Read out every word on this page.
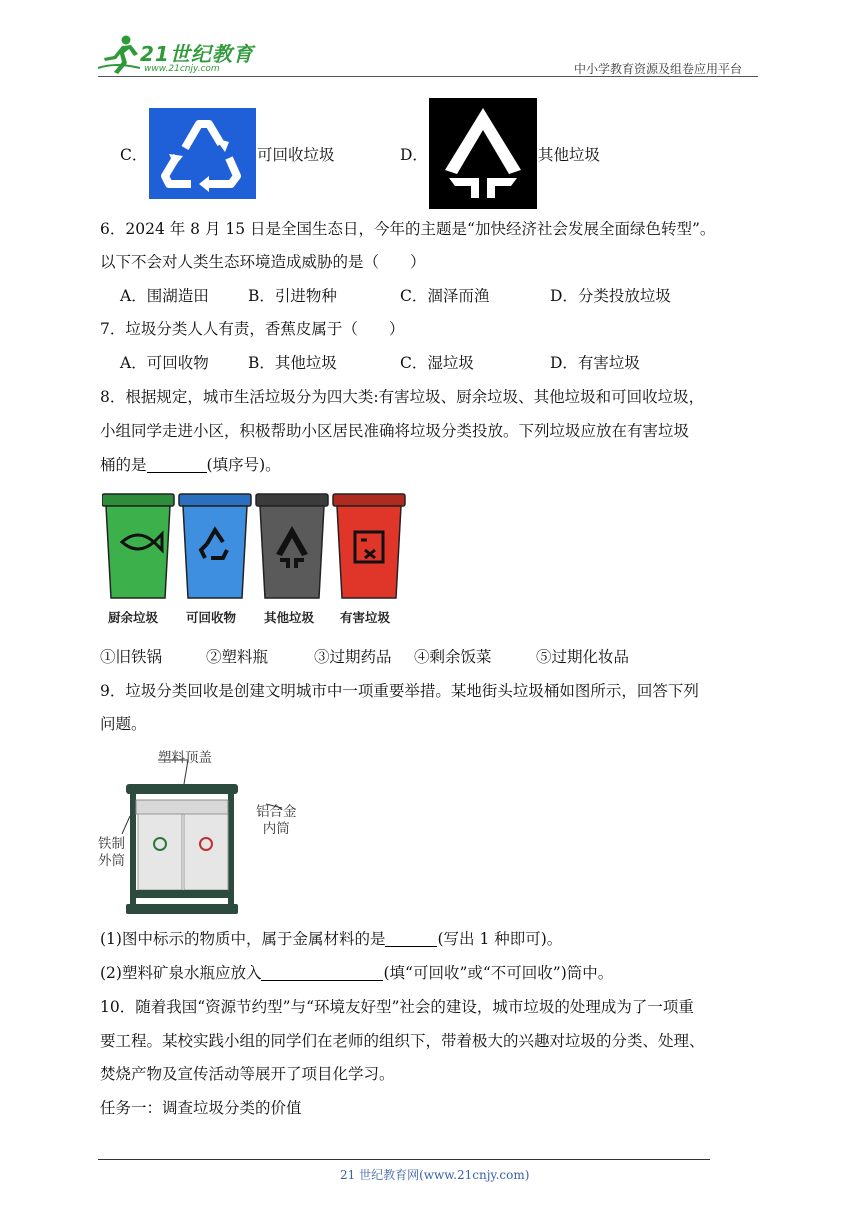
21世纪教育
www.21cnjy.com	中小学教育资源及组卷应用平台
C．	可回收垃圾	D．	其他垃圾
6．2024 年 8 月 15 日是全国生态日，今年的主题是“加快经济社会发展全面绿色转型”。
以下不会对人类生态环境造成威胁的是（　　）
A．围湖造田	B．引进物种	C．涸泽而渔	D．分类投放垃圾
7．垃圾分类人人有责，香蕉皮属于（　　）
A．可回收物	B．其他垃圾	C．湿垃圾	D．有害垃圾
8．根据规定，城市生活垃圾分为四大类:有害垃圾、厨余垃圾、其他垃圾和可回收垃圾，
小组同学走进小区，积极帮助小区居民准确将垃圾分类投放。下列垃圾应放在有害垃圾
桶的是	(填序号)。
厨余垃圾 可回收物 其他垃圾 有害垃圾
①旧铁锅	②塑料瓶	③过期药品 ④剩余饭菜	⑤过期化妆品
9．垃圾分类回收是创建文明城市中一项重要举措。某地街头垃圾桶如图所示，回答下列
问题。
塑料顶盖
铝合金
内筒
铁制
外筒
(1)图中标示的物质中，属于金属材料的是	(写出 1 种即可)。
(2)塑料矿泉水瓶应放入	(填“可回收”或“不可回收”)筒中。
10．随着我国“资源节约型”与“环境友好型”社会的建设，城市垃圾的处理成为了一项重
要工程。某校实践小组的同学们在老师的组织下，带着极大的兴趣对垃圾的分类、处理、
焚烧产物及宣传活动等展开了项目化学习。
任务一：调查垃圾分类的价值
21 世纪教育网(www.21cnjy.com)
